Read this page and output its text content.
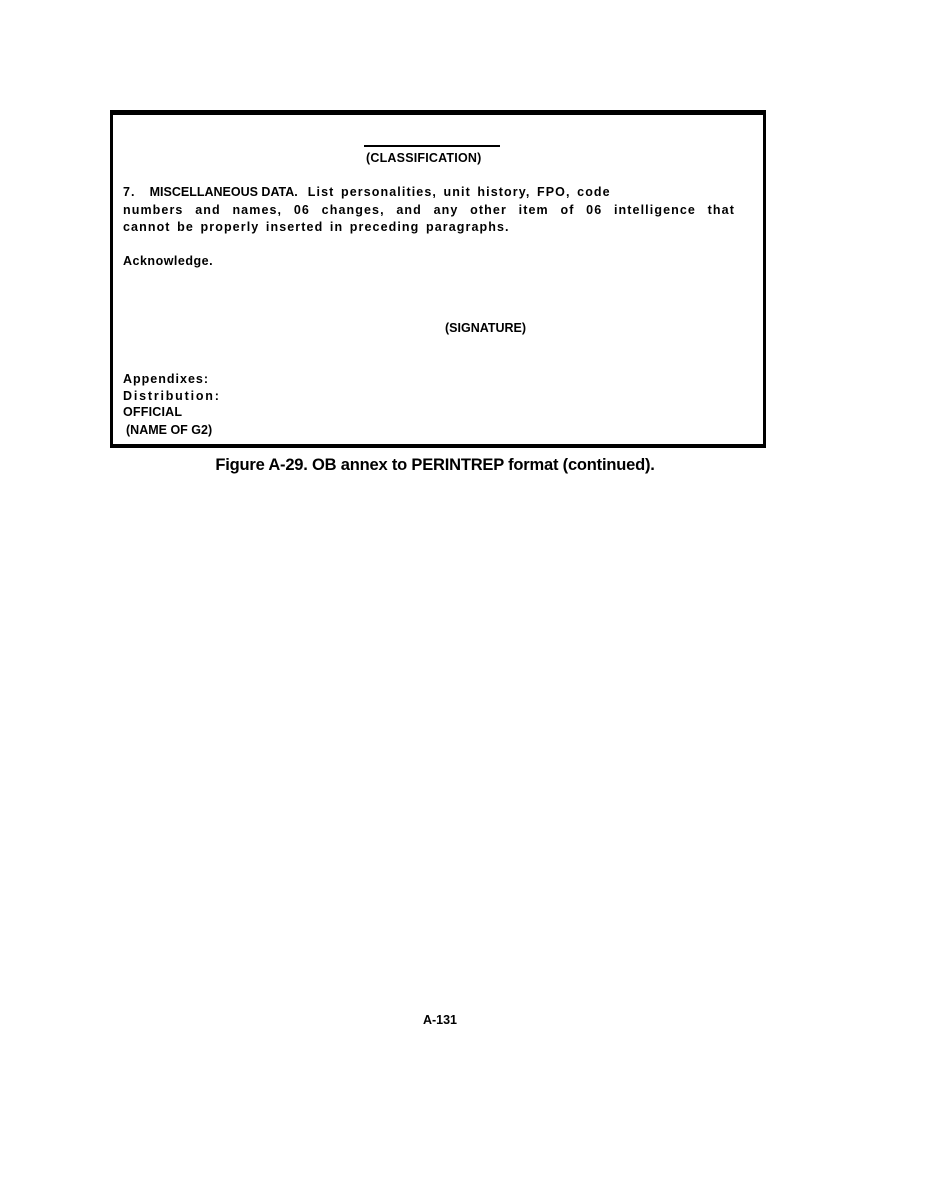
(CLASSIFICATION)
7. MISCELLANEOUS DATA. List personalities, unit history, FPO, code
numbers and names, 06 changes, and any other item of 06 intelligence that
cannot be properly inserted in preceding paragraphs.
Acknowledge.
(SIGNATURE)
Appendixes:
Distribution:
OFFICIAL
(NAME OF G2)
Figure A-29. OB annex to PERINTREP format (continued).
A-131
